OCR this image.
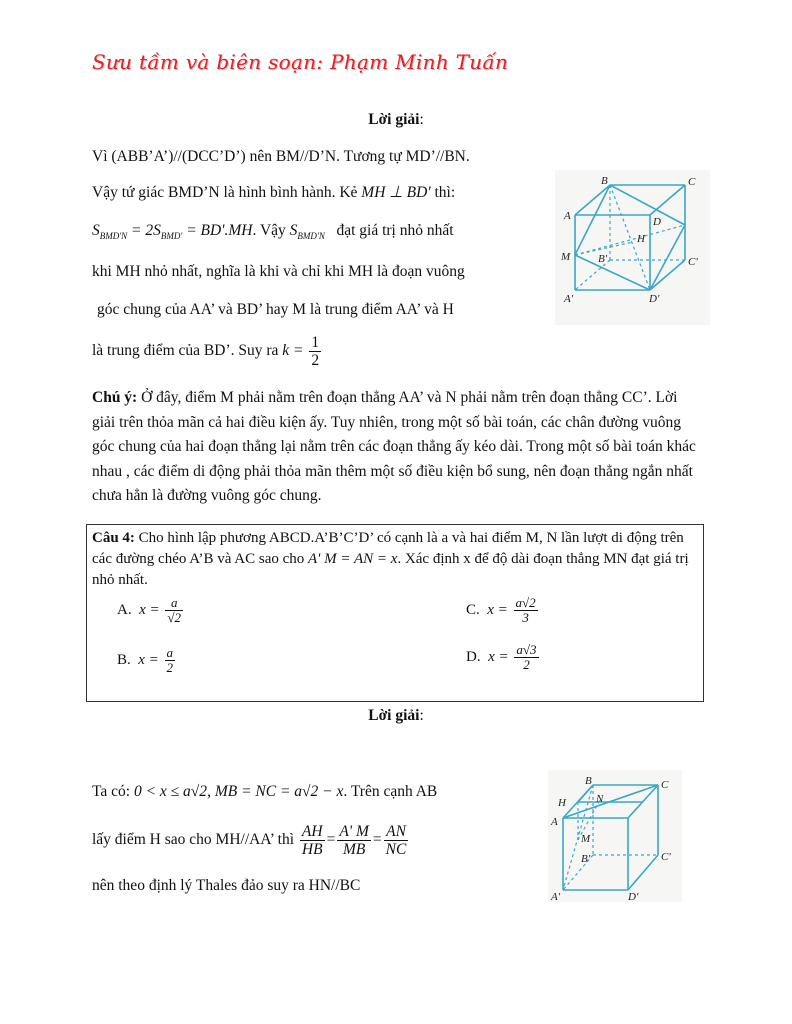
Sưu tầm và biên soạn: Phạm Minh Tuấn
Lời giải:
Vì (ABB’A’)//(DCC’D’) nên BM//D’N. Tương tự MD’//BN.
Vậy tứ giác BMD’N là hình bình hành. Kẻ MH ⊥ BD' thì:
$S_{BMD'N} = 2S_{BMD'} = BD'.MH$. Vậy $S_{BMD'N}$ đạt giá trị nhỏ nhất
khi MH nhỏ nhất, nghĩa là khi và chỉ khi MH là đoạn vuông
góc chung của AA’ và BD’ hay M là trung điểm AA’ và H
là trung điểm của BD’. Suy ra $k = \frac{1}{2}$
B	C
A	D
H
M	B'	C'
A'	D'
Chú ý: Ở đây, điểm M phải nằm trên đoạn thẳng AA’ và N phải nằm trên đoạn thẳng CC’. Lời giải trên thỏa mãn cả hai điều kiện ấy. Tuy nhiên, trong một số bài toán, các chân đường vuông góc chung của hai đoạn thẳng lại nằm trên các đoạn thẳng ấy kéo dài. Trong một số bài toán khác nhau , các điểm di động phải thỏa mãn thêm một số điều kiện bổ sung, nên đoạn thẳng ngắn nhất chưa hẳn là đường vuông góc chung.
Câu 4: Cho hình lập phương ABCD.A’B’C’D’ có cạnh là a và hai điểm M, N lần lượt di động trên các đường chéo A’B và AC sao cho A' M = AN = x. Xác định x để độ dài đoạn thẳng MN đạt giá trị nhỏ nhất.
A. $x = \frac{a}{√2}$	C. $x = \frac{a√2}{3}$
B. $x = \frac{a}{2}$	D. $x = \frac{a√3}{2}$
Lời giải:
Ta có: 0 < x ≤ a√2, MB = NC = a√2 − x. Trên cạnh AB
lấy điểm H sao cho MH//AA’ thì $\frac{AH}{HB} = \frac{A' M}{MB} = \frac{AN}{NC}$
nên theo định lý Thales đảo suy ra HN//BC
B
H	N
C
A
M
B'	C'
A'	D'
